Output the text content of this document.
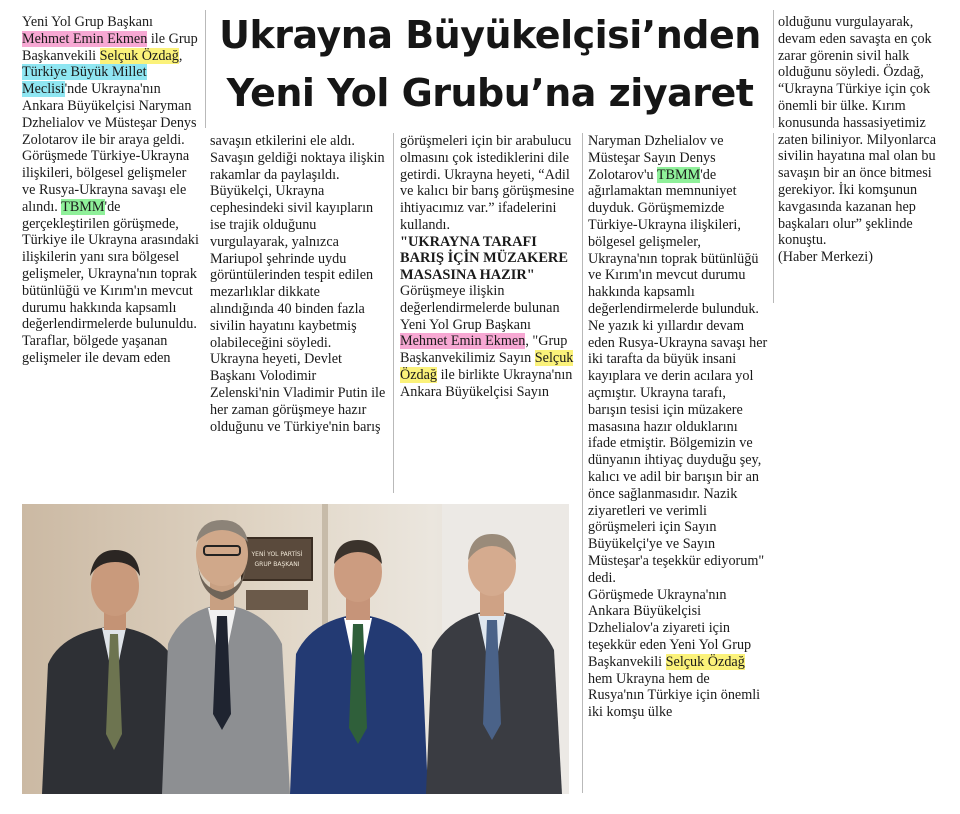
Ukrayna Büyükelçisi’nden
Yeni Yol Grubu’na ziyaret

Yeni Yol Grup Başkanı Mehmet Emin Ekmen ile Grup Başkanvekili Selçuk Özdağ, Türkiye Büyük Millet Meclisi'nde Ukrayna'nın Ankara Büyükelçisi Naryman Dzhelialov ve Müsteşar Denys Zolotarov ile bir araya geldi. Görüşmede Türkiye-Ukrayna ilişkileri, bölgesel gelişmeler ve Rusya-Ukrayna savaşı ele alındı. TBMM'de gerçekleştirilen görüşmede, Türkiye ile Ukrayna arasındaki ilişkilerin yanı sıra bölgesel gelişmeler, Ukrayna'nın toprak bütünlüğü ve Kırım'ın mevcut durumu hakkında kapsamlı değerlendirmelerde bulunuldu. Taraflar, bölgede yaşanan gelişmeler ile devam eden

savaşın etkilerini ele aldı. Savaşın geldiği noktaya ilişkin rakamlar da paylaşıldı. Büyükelçi, Ukrayna cephesindeki sivil kayıpların ise trajik olduğunu vurgulayarak, yalnızca Mariupol şehrinde uydu görüntülerinden tespit edilen mezarlıklar dikkate alındığında 40 binden fazla sivilin hayatını kaybetmiş olabileceğini söyledi.

Ukrayna heyeti, Devlet Başkanı Volodimir Zelenski'nin Vladimir Putin ile her zaman görüşmeye hazır olduğunu ve Türkiye'nin barış

görüşmeleri için bir arabulucu olmasını çok istediklerini dile getirdi. Ukrayna heyeti, “Adil ve kalıcı bir barış görüşmesine ihtiyacımız var.” ifadelerini kullandı.

"UKRAYNA TARAFI BARIŞ İÇİN MÜZAKERE MASASINA HAZIR"

Görüşmeye ilişkin değerlendirmelerde bulunan Yeni Yol Grup Başkanı Mehmet Emin Ekmen, "Grup Başkanvekilimiz Sayın Selçuk Özdağ ile birlikte Ukrayna'nın Ankara Büyükelçisi Sayın

Naryman Dzhelialov ve Müsteşar Sayın Denys Zolotarov'u TBMM'de ağırlamaktan memnuniyet duyduk. Görüşmemizde Türkiye-Ukrayna ilişkileri, bölgesel gelişmeler, Ukrayna'nın toprak bütünlüğü ve Kırım'ın mevcut durumu hakkında kapsamlı değerlendirmelerde bulunduk. Ne yazık ki yıllardır devam eden Rusya-Ukrayna savaşı her iki tarafta da büyük insani kayıplara ve derin acılara yol açmıştır. Ukrayna tarafı, barışın tesisi için müzakere masasına hazır olduklarını ifade etmiştir. Bölgemizin ve dünyanın ihtiyaç duyduğu şey, kalıcı ve adil bir barışın bir an önce sağlanmasıdır. Nazik ziyaretleri ve verimli görüşmeleri için Sayın Büyükelçi'ye ve Sayın Müsteşar'a teşekkür ediyorum" dedi.

Görüşmede Ukrayna'nın Ankara Büyükelçisi Dzhelialov'a ziyareti için teşekkür eden Yeni Yol Grup Başkanvekili Selçuk Özdağ hem Ukrayna hem de Rusya'nın Türkiye için önemli iki komşu ülke

olduğunu vurgulayarak, devam eden savaşta en çok zarar görenin sivil halk olduğunu söyledi. Özdağ, “Ukrayna Türkiye için çok önemli bir ülke. Kırım konusunda hassasiyetimiz zaten biliniyor. Milyonlarca sivilin hayatına mal olan bu savaşın bir an önce bitmesi gerekiyor. İki komşunun kavgasında kazanan hep başkaları olur” şeklinde konuştu.

(Haber Merkezi)

YENİ YOL PARTİSİ
GRUP BAŞKANI
